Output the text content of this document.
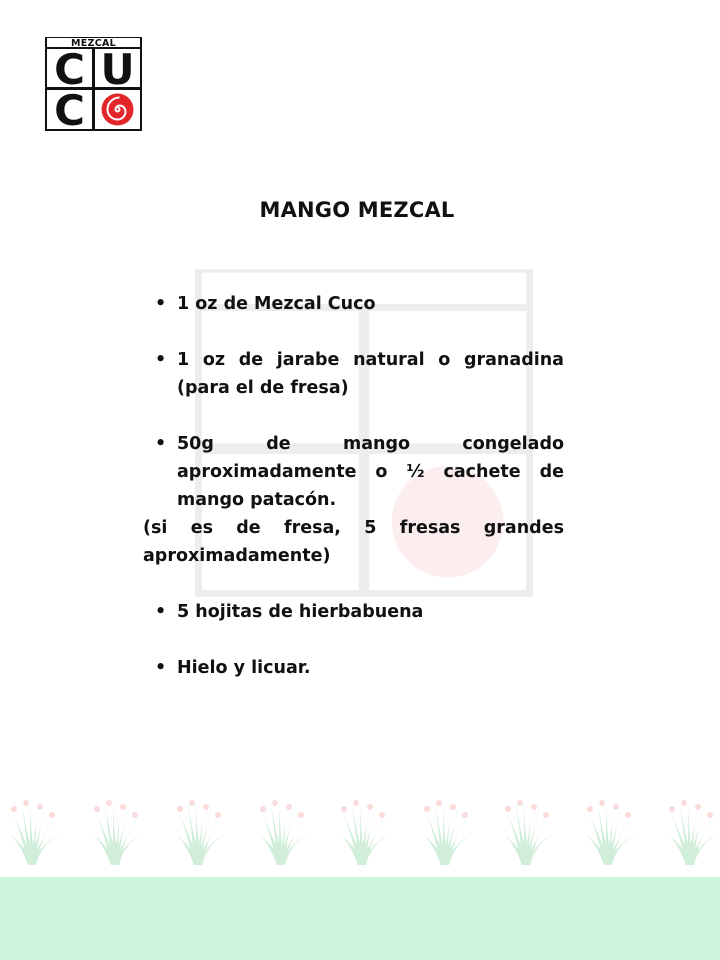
MEZCAL
C U
C
MANGO MEZCAL
• 1 oz de Mezcal Cuco
• 1 oz de jarabe natural o granadina (para el de fresa)
• 50g de mango congelado aproximadamente o ½ cachete de mango patacón.
(si es de fresa, 5 fresas grandes aproximadamente)
• 5 hojitas de hierbabuena
• Hielo y licuar.
